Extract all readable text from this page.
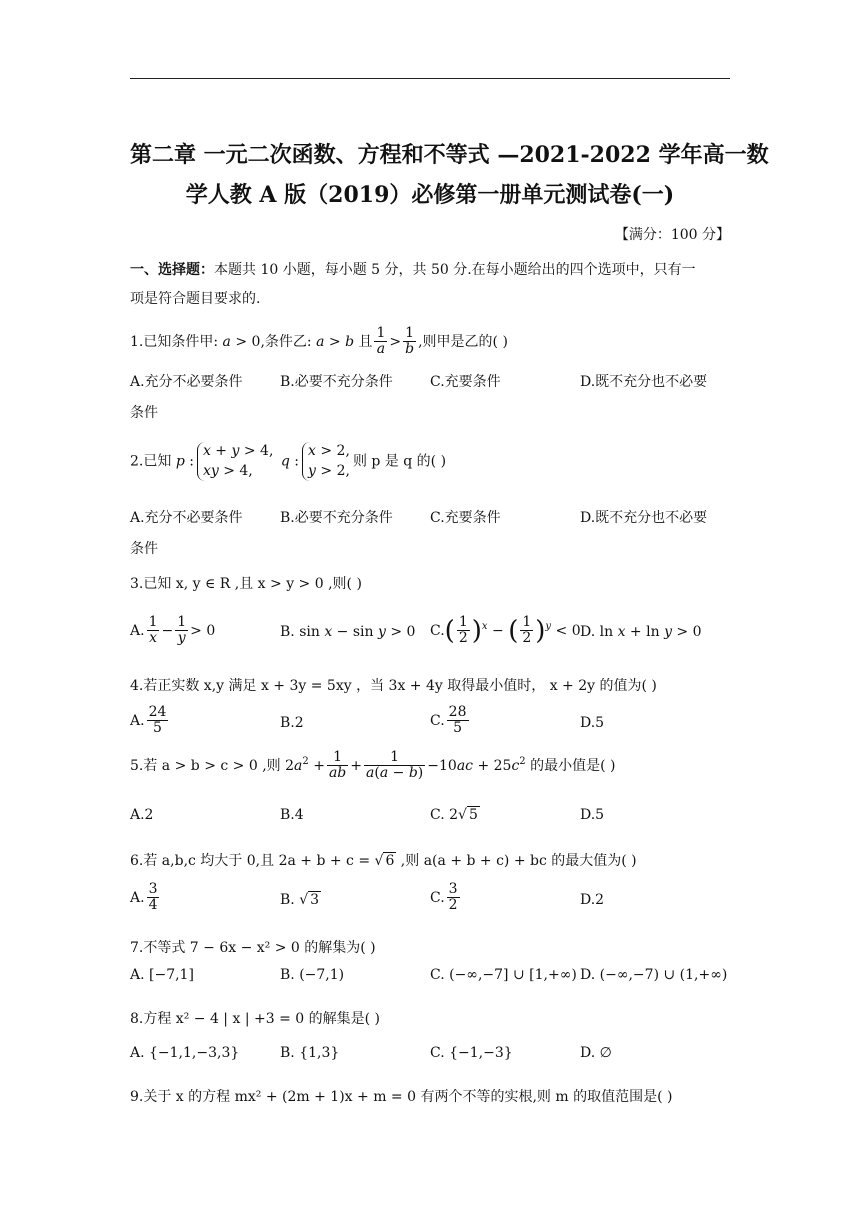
第二章 一元二次函数、方程和不等式 —2021-2022 学年高一数
学人教 A 版（2019）必修第一册单元测试卷(一)
【满分：100 分】
一、选择题：本题共 10 小题，每小题 5 分，共 50 分.在每小题给出的四个选项中，只有一
项是符合题目要求的.
1.已知条件甲: a > 0,条件乙: a > b 且 $\frac{1}{a} > \frac{1}{b}$ ,则甲是乙的( )
A.充分不必要条件	B.必要不充分条件	C.充要条件	D.既不充分也不必要
条件
2.已知 p :x + y > 4,
xy > 4, q :x > 2,
y > 2,则 p 是 q 的( )
A.充分不必要条件	B.必要不充分条件	C.充要条件	D.既不充分也不必要
条件
3.已知 x, y ∈ R ,且 x > y > 0 ,则( )
A. $\frac{1}{x} - \frac{1}{y} > 0$	B. sin x − sin y > 0 $C.( \frac{1}{2} )^x$ − ( $\frac{1}{2} )^y < 0$ D. ln x + ln y > 0
4.若正实数 x,y 满足 x + 3y = 5xy ，当 3x + 4y 取得最小值时， x + 2y 的值为( )
A. $\frac{24}{5}$	B.2	C. $\frac{28}{5}$	D.5
5.若 a > b > c > 0 ,则 $2a^2 + \frac{1}{ab} + \frac{1}{a(a - b)} -10ac + 25c^2$ 的最小值是( )
A.2	B.4	C. 2√ 5	D.5
6.若 a,b,c 均大于 0,且 2a + b + c = √ 6 ,则 a(a + b + c) + bc 的最大值为( )
A. $\frac{3}{4}$	B. √ 3	C. $\frac{3}{2}$	D.2
7.不等式 7 − 6x − x² > 0 的解集为( )
A. [−7,1]	B. (−7,1)	C. (−∞,−7] ∪ [1,+∞) D. (−∞,−7) ∪ (1,+∞)
8.方程 x² − 4 | x | +3 = 0 的解集是( )
A. {−1,1,−3,3}	B. {1,3}	C. {−1,−3}	D. ∅
9.关于 x 的方程 mx² + (2m + 1)x + m = 0 有两个不等的实根,则 m 的取值范围是( )
